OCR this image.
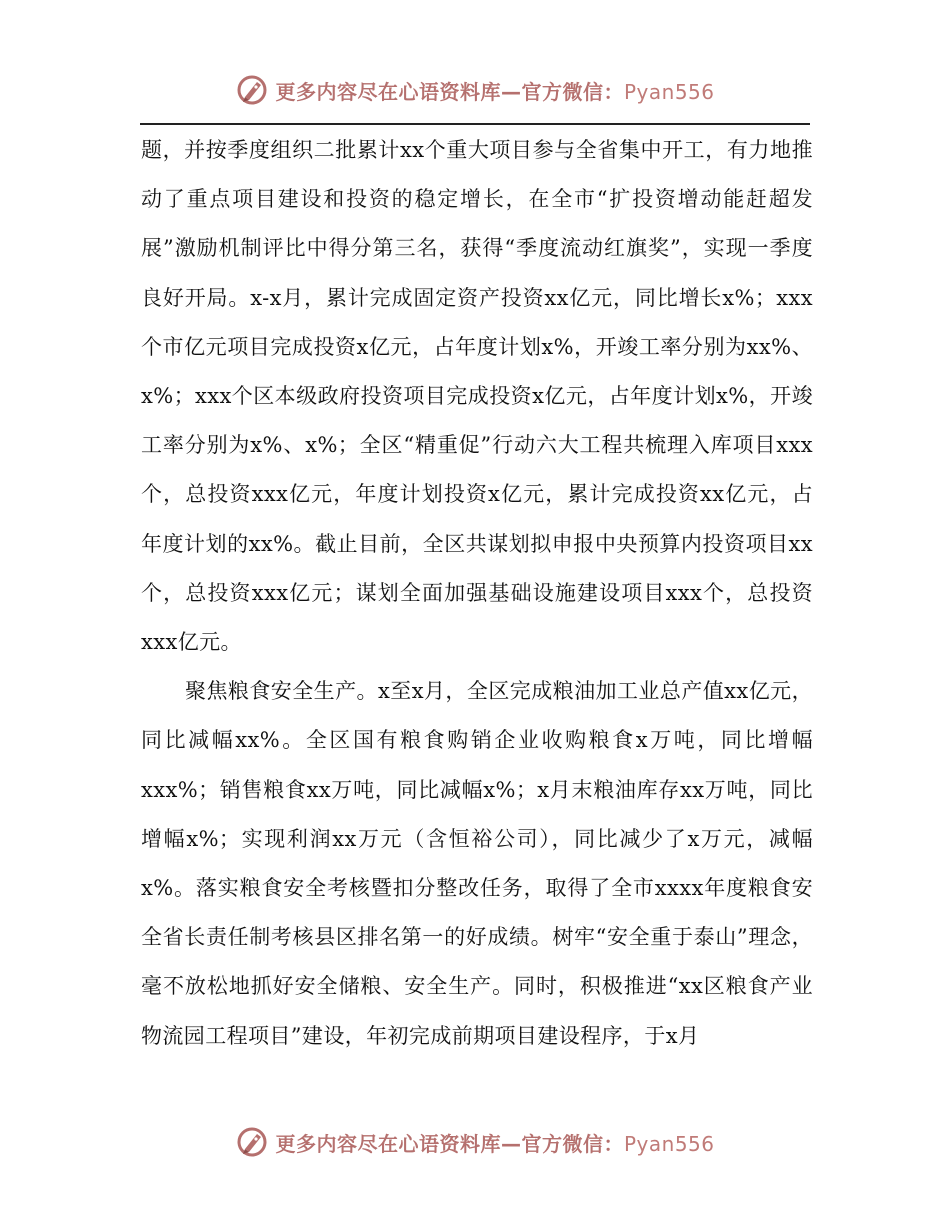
更多内容尽在心语资料库—官方微信：Pyan556

题，并按季度组织二批累计xx个重大项目参与全省集中开工，有力地推动了重点项目建设和投资的稳定增长，在全市“扩投资增动能赶超发展”激励机制评比中得分第三名，获得“季度流动红旗奖”，实现一季度良好开局。x-x月，累计完成固定资产投资xx亿元，同比增长x%；xxx个市亿元项目完成投资x亿元，占年度计划x%，开竣工率分别为xx%、x%；xxx个区本级政府投资项目完成投资x亿元，占年度计划x%，开竣工率分别为x%、x%；全区“精重促”行动六大工程共梳理入库项目xxx个，总投资xxx亿元，年度计划投资x亿元，累计完成投资xx亿元，占年度计划的xx%。截止目前，全区共谋划拟申报中央预算内投资项目xx个，总投资xxx亿元；谋划全面加强基础设施建设项目xxx个，总投资xxx亿元。

聚焦粮食安全生产。x至x月，全区完成粮油加工业总产值xx亿元，同比减幅xx%。全区国有粮食购销企业收购粮食x万吨，同比增幅xxx%；销售粮食xx万吨，同比减幅x%；x月末粮油库存xx万吨，同比增幅x%；实现利润xx万元（含恒裕公司），同比减少了x万元，减幅x%。落实粮食安全考核暨扣分整改任务，取得了全市xxxx年度粮食安全省长责任制考核县区排名第一的好成绩。树牢“安全重于泰山”理念，毫不放松地抓好安全储粮、安全生产。同时，积极推进“xx区粮食产业物流园工程项目”建设，年初完成前期项目建设程序，于x月

更多内容尽在心语资料库—官方微信：Pyan556
